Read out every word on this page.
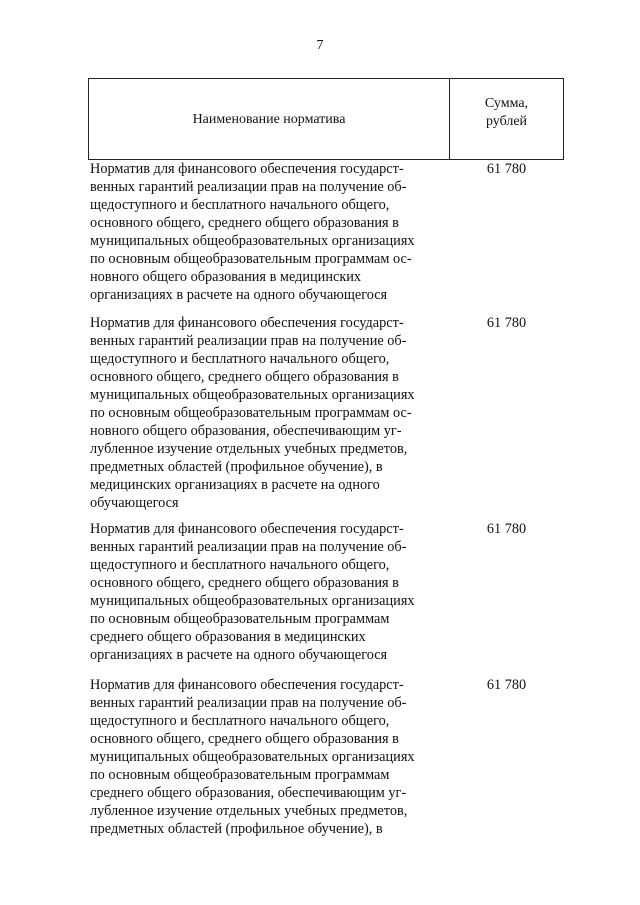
7
Наименование норматива
Сумма,
рублей
Норматив для финансового обеспечения государст-
венных гарантий реализации прав на получение об-
щедоступного и бесплатного начального общего,
основного общего, среднего общего образования в
муниципальных общеобразовательных организациях
по основным общеобразовательным программам ос-
новного общего образования в медицинских
организациях в расчете на одного обучающегося
61 780
Норматив для финансового обеспечения государст-
венных гарантий реализации прав на получение об-
щедоступного и бесплатного начального общего,
основного общего, среднего общего образования в
муниципальных общеобразовательных организациях
по основным общеобразовательным программам ос-
новного общего образования, обеспечивающим уг-
лубленное изучение отдельных учебных предметов,
предметных областей (профильное обучение), в
медицинских организациях в расчете на одного
обучающегося
61 780
Норматив для финансового обеспечения государст-
венных гарантий реализации прав на получение об-
щедоступного и бесплатного начального общего,
основного общего, среднего общего образования в
муниципальных общеобразовательных организациях
по основным общеобразовательным программам
среднего общего образования в медицинских
организациях в расчете на одного обучающегося
61 780
Норматив для финансового обеспечения государст-
венных гарантий реализации прав на получение об-
щедоступного и бесплатного начального общего,
основного общего, среднего общего образования в
муниципальных общеобразовательных организациях
по основным общеобразовательным программам
среднего общего образования, обеспечивающим уг-
лубленное изучение отдельных учебных предметов,
предметных областей (профильное обучение), в
61 780
